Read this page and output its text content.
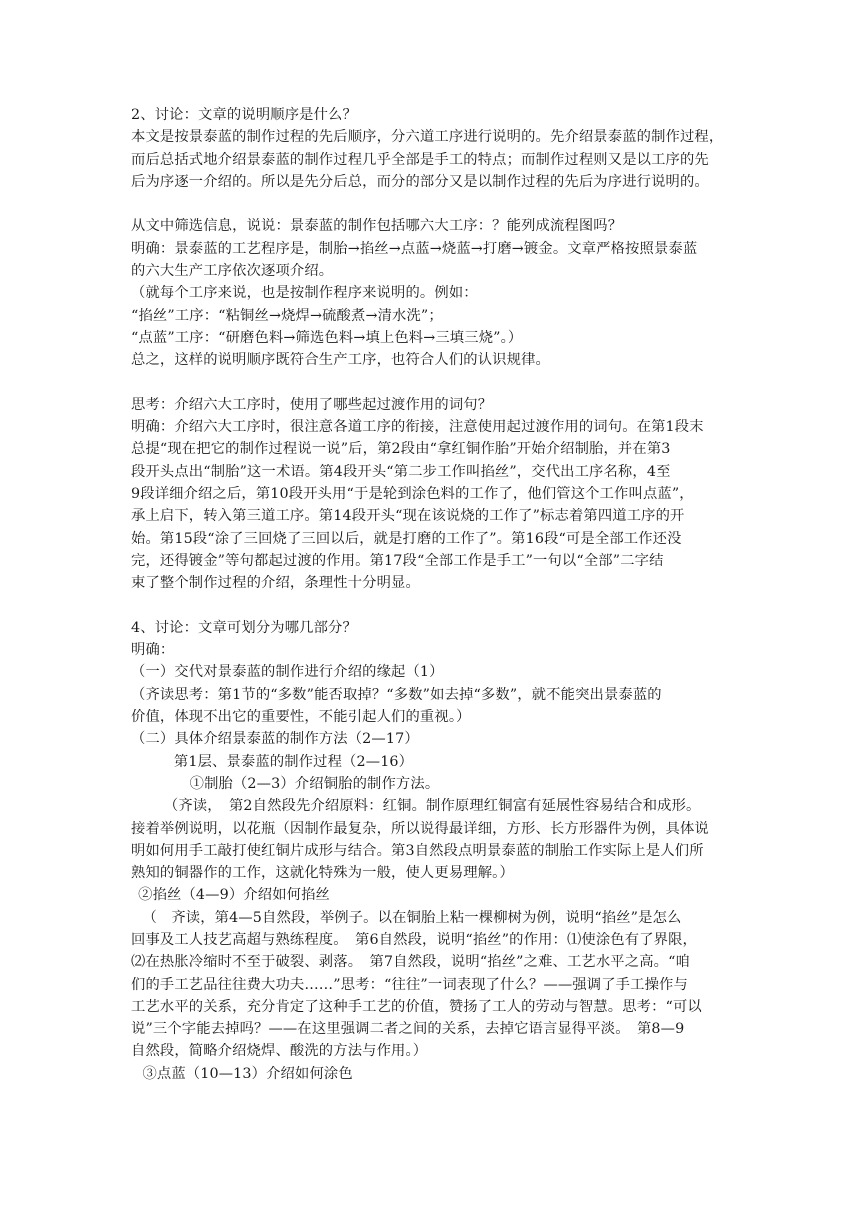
2、讨论：文章的说明顺序是什么？
本文是按景泰蓝的制作过程的先后顺序，分六道工序进行说明的。先介绍景泰蓝的制作过程，
而后总括式地介绍景泰蓝的制作过程几乎全部是手工的特点；而制作过程则又是以工序的先
后为序逐一介绍的。所以是先分后总，而分的部分又是以制作过程的先后为序进行说明的。
从文中筛选信息，说说：景泰蓝的制作包括哪六大工序：？能列成流程图吗？
明确：景泰蓝的工艺程序是，制胎→掐丝→点蓝→烧蓝→打磨→镀金。文章严格按照景泰蓝
的六大生产工序依次逐项介绍。
（就每个工序来说，也是按制作程序来说明的。例如：
“掐丝”工序：“粘铜丝→烧焊→硫酸煮→清水洗”；
“点蓝”工序：“研磨色料→筛选色料→填上色料→三填三烧”。）
总之，这样的说明顺序既符合生产工序，也符合人们的认识规律。
思考：介绍六大工序时，使用了哪些起过渡作用的词句？
明确：介绍六大工序时，很注意各道工序的衔接，注意使用起过渡作用的词句。在第1段末
总提“现在把它的制作过程说一说”后，第2段由“拿红铜作胎”开始介绍制胎，并在第3
段开头点出“制胎”这一术语。第4段开头“第二步工作叫掐丝”，交代出工序名称，4至
9段详细介绍之后，第10段开头用“于是轮到涂色料的工作了，他们管这个工作叫点蓝”，
承上启下，转入第三道工序。第14段开头“现在该说烧的工作了”标志着第四道工序的开
始。第15段“涂了三回烧了三回以后，就是打磨的工作了”。第16段“可是全部工作还没
完，还得镀金”等句都起过渡的作用。第17段“全部工作是手工”一句以“全部”二字结
束了整个制作过程的介绍，条理性十分明显。
4、讨论：文章可划分为哪几部分？
明确：
（一）交代对景泰蓝的制作进行介绍的缘起（1）
（齐读思考：第1节的“多数”能否取掉？“多数”如去掉“多数”，就不能突出景泰蓝的
价值，体现不出它的重要性，不能引起人们的重视。）
（二）具体介绍景泰蓝的制作方法（2—17）
第1层、景泰蓝的制作过程（2—16）
①制胎（2—3）介绍铜胎的制作方法。
（齐读，　第2自然段先介绍原料：红铜。制作原理红铜富有延展性容易结合和成形。
接着举例说明，以花瓶（因制作最复杂，所以说得最详细，方形、长方形器件为例，具体说
明如何用手工敲打使红铜片成形与结合。第3自然段点明景泰蓝的制胎工作实际上是人们所
熟知的铜器作的工作，这就化特殊为一般，使人更易理解。）
②掐丝（4—9）介绍如何掐丝
（　齐读，第4—5自然段，举例子。以在铜胎上粘一棵柳树为例，说明“掐丝”是怎么
回事及工人技艺高超与熟练程度。　第6自然段，说明“掐丝”的作用：⑴使涂色有了界限，
⑵在热胀冷缩时不至于破裂、剥落。　第7自然段，说明“掐丝”之难、工艺水平之高。“咱
们的手工艺品往往费大功夫……”思考：“往往”一词表现了什么？——强调了手工操作与
工艺水平的关系，充分肯定了这种手工艺的价值，赞扬了工人的劳动与智慧。思考：“可以
说”三个字能去掉吗？——在这里强调二者之间的关系，去掉它语言显得平淡。　第8—9
自然段，简略介绍烧焊、酸洗的方法与作用。）
③点蓝（10—13）介绍如何涂色
